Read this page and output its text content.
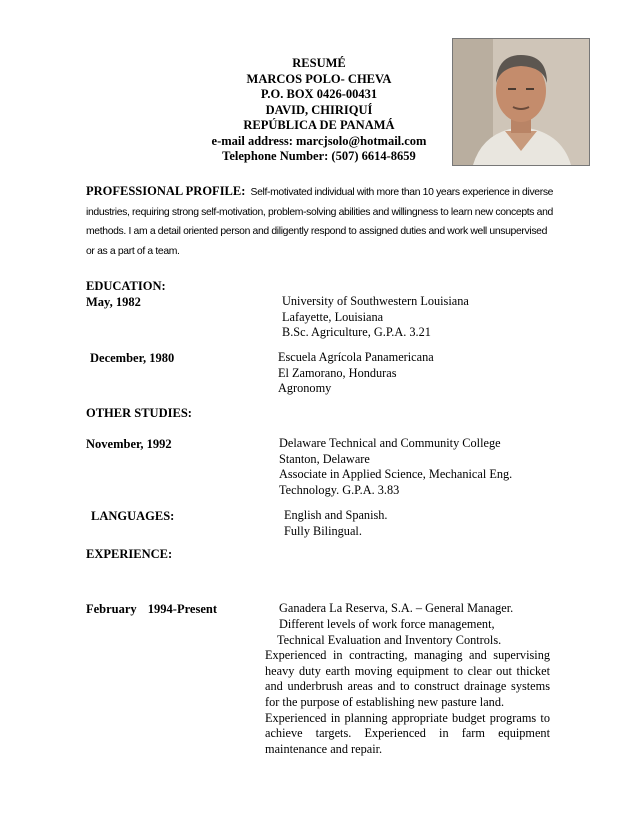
RESUMÉ
MARCOS POLO- CHEVA
P.O. BOX 0426-00431
DAVID, CHIRIQUÍ
REPÚBLICA DE PANAMÁ
e-mail address: marcjsolo@hotmail.com
Telephone Number: (507) 6614-8659
PROFESSIONAL PROFILE: Self-motivated individual with more than 10 years experience in diverse industries, requiring strong self-motivation, problem-solving abilities and willingness to learn new concepts and methods. I am a detail oriented person and diligently respond to assigned duties and work well unsupervised or as a part of a team.
EDUCATION:
May, 1982	University of Southwestern Louisiana
Lafayette, Louisiana
B.Sc. Agriculture, G.P.A. 3.21
December, 1980	Escuela Agrícola Panamericana
El Zamorano, Honduras
Agronomy
OTHER STUDIES:
November, 1992	Delaware Technical and Community College
Stanton, Delaware
Associate in Applied Science, Mechanical Eng.
Technology. G.P.A. 3.83
LANGUAGES:	English and Spanish.
Fully Bilingual.
EXPERIENCE:
February 1994-Present	Ganadera La Reserva, S.A. – General Manager.
Different levels of work force management,
Technical Evaluation and Inventory Controls.
Experienced in contracting, managing and supervising
heavy duty earth moving equipment to clear out thicket
and underbrush areas and to construct drainage systems
for the purpose of establishing new pasture land.
Experienced in planning appropriate budget programs to
achieve targets. Experienced in farm equipment
maintenance and repair.
